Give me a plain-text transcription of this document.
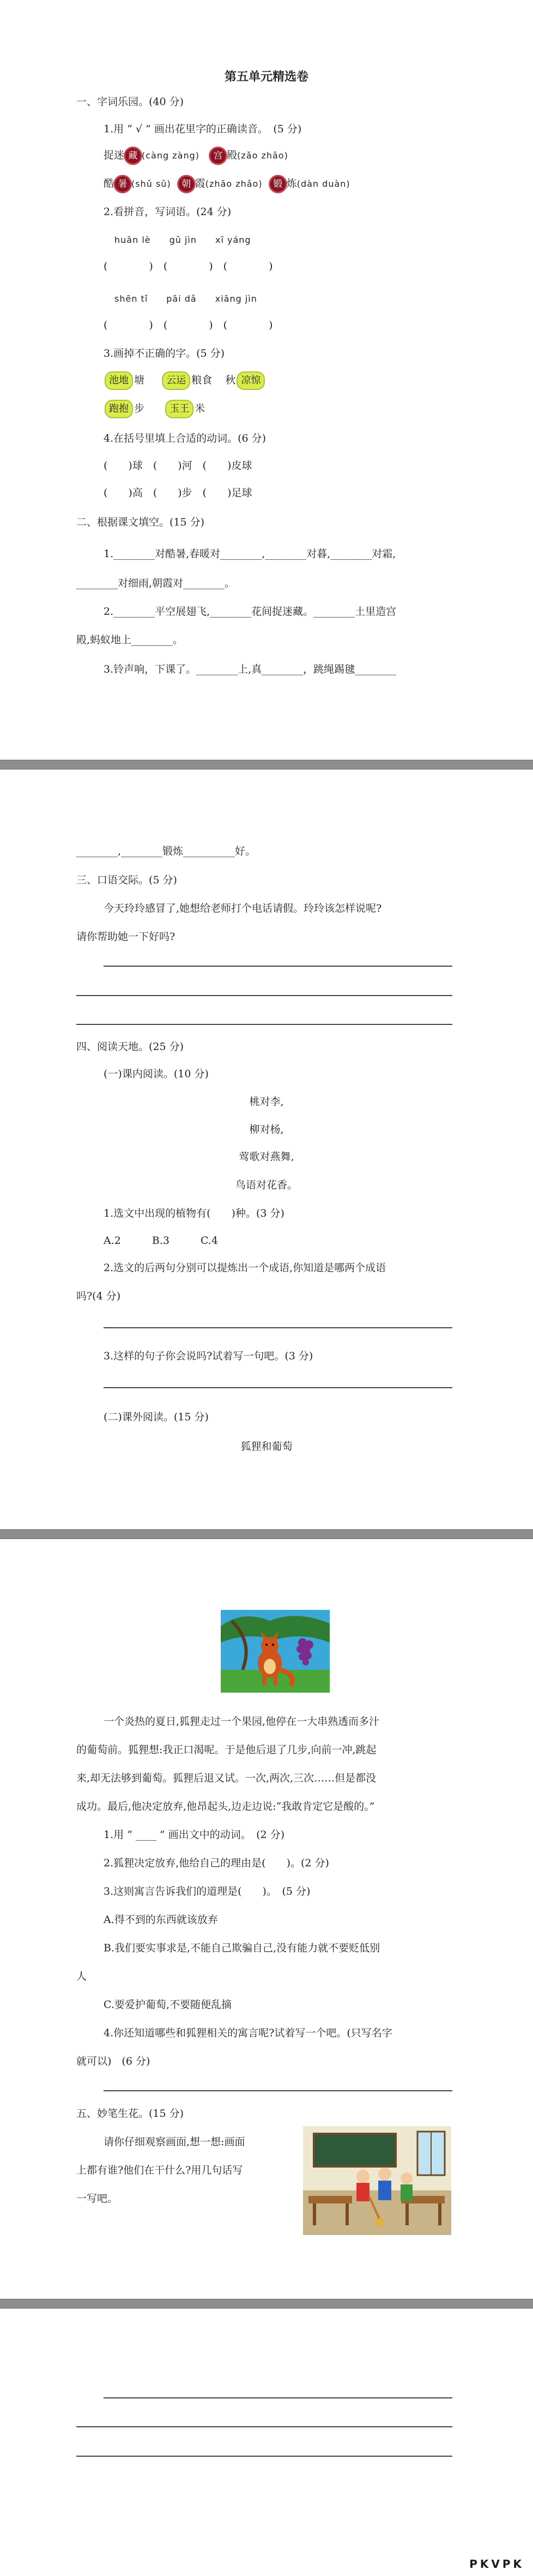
第五单元精选卷
一、字词乐园。(40 分)
1.用 “ √ ” 画出花里字的正确读音。　(5 分)
捉迷 藏 (càng zàng) 宫 殿(zǎo zhǎo)
酷 暑 (shǔ sǔ) 朝 霞(zhāo zhǎo) 锻 炼(dàn duàn)
2.看拼音，写词语。(24 分)
huān lè　　gǔ jìn　　xī yáng
(　　　　)　(　　　　)　(　　　　)
shēn tǐ　　pāi dǎ　　xiāng jìn
(　　　　)　(　　　　)　(　　　　)
3.画掉不正确的字。(5 分)
池地 塘 云运 粮食 秋 凉惊
跑抱 步	玉王 米
4.在括号里填上合适的动词。(6 分)
(　　)球　(　　)河　(　　)皮球
(　　)高　(　　)步　(　　)足球
二、根据课文填空。(15 分)
1.________对酷暑,春暖对________,________对暮,________对霜,
________对细雨,朝霞对________。
2.________平空展翅飞,________花间捉迷藏。________土里造宫
殿,蚂蚁地上________。
3.铃声响，下课了。________上,真________，跳绳踢毽________
________,________锻炼__________好。
三、口语交际。(5 分)
今天玲玲感冒了,她想给老师打个电话请假。玲玲该怎样说呢?
请你帮助她一下好吗?
四、阅读天地。(25 分)
(一)课内阅读。(10 分)
桃对李,
柳对杨,
莺歌对燕舞,
鸟语对花香。
1.选文中出现的植物有(　　)种。(3 分)
A.2　　　B.3　　　C.4
2.选文的后两句分别可以提炼出一个成语,你知道是哪两个成语
吗?(4 分)
3.这样的句子你会说吗?试着写一句吧。(3 分)
(二)课外阅读。(15 分)
狐狸和葡萄
一个炎热的夏日,狐狸走过一个果园,他停在一大串熟透而多汁
的葡萄前。狐狸想:我正口渴呢。于是他后退了几步,向前一冲,跳起
来,却无法够到葡萄。狐狸后退又试。一次,两次,三次……但是都没
成功。最后,他决定放弃,他昂起头,边走边说:“我敢肯定它是酸的。”
1.用 “ ____ ” 画出文中的动词。　(2 分)
2.狐狸决定放弃,他给自己的理由是(　　)。(2 分)
3.这则寓言告诉我们的道理是(　　)。　(5 分)
A.得不到的东西就该放弃
B.我们要实事求是,不能自己欺骗自己,没有能力就不要贬低别
人
C.要爱护葡萄,不要随便乱摘
4.你还知道哪些和狐狸相关的寓言呢?试着写一个吧。(只写名字
就可以)　(6 分)
五、妙笔生花。(15 分)
请你仔细观察画面,想一想:画面
上都有谁?他们在干什么?用几句话写
一写吧。
PKVPK
